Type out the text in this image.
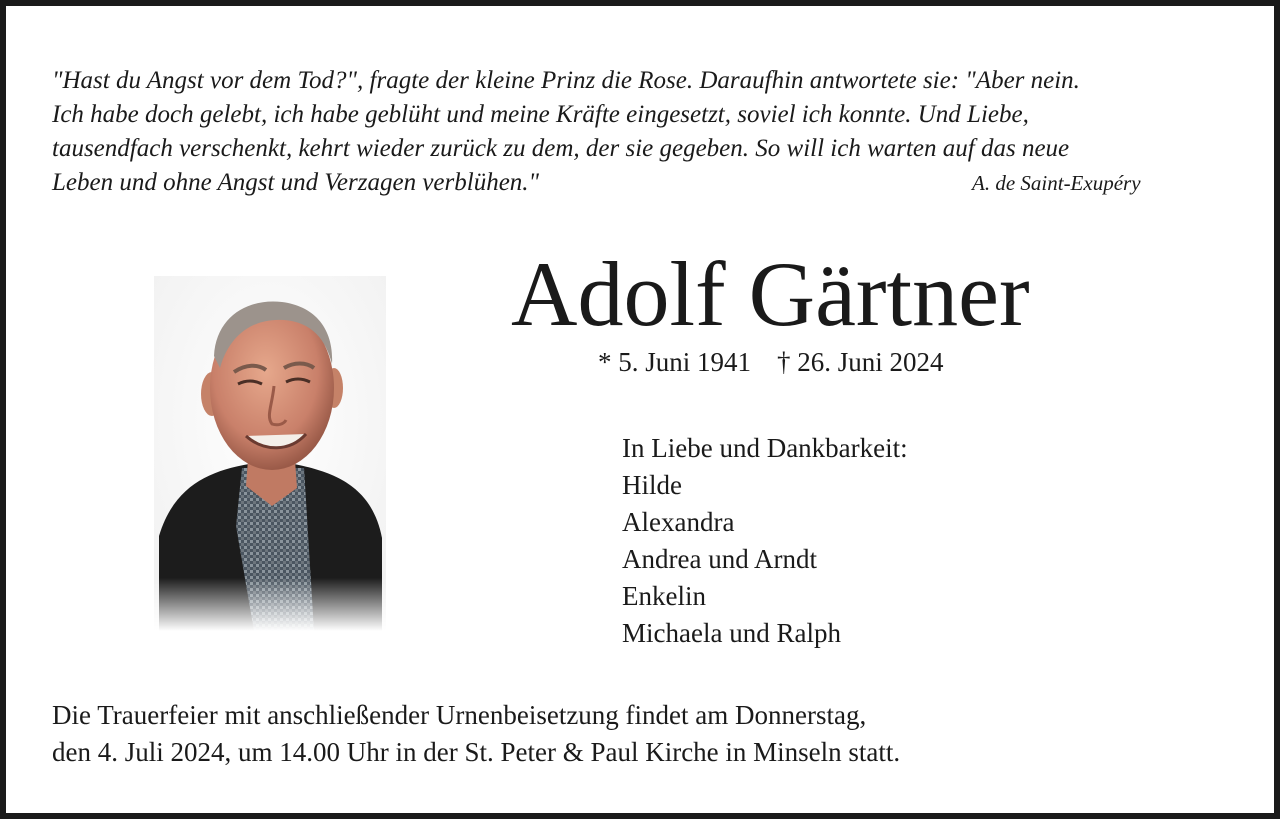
"Hast du Angst vor dem Tod?", fragte der kleine Prinz die Rose. Daraufhin antwortete sie: "Aber nein.
Ich habe doch gelebt, ich habe geblüht und meine Kräfte eingesetzt, soviel ich konnte. Und Liebe,
tausendfach verschenkt, kehrt wieder zurück zu dem, der sie gegeben. So will ich warten auf das neue
Leben und ohne Angst und Verzagen verblühen."	A. de Saint-Exupéry
Adolf Gärtner
* 5. Juni 1941 † 26. Juni 2024
In Liebe und Dankbarkeit:
Hilde
Alexandra
Andrea und Arndt
Enkelin
Michaela und Ralph
Die Trauerfeier mit anschließender Urnenbeisetzung findet am Donnerstag,
den 4. Juli 2024, um 14.00 Uhr in der St. Peter & Paul Kirche in Minseln statt.
